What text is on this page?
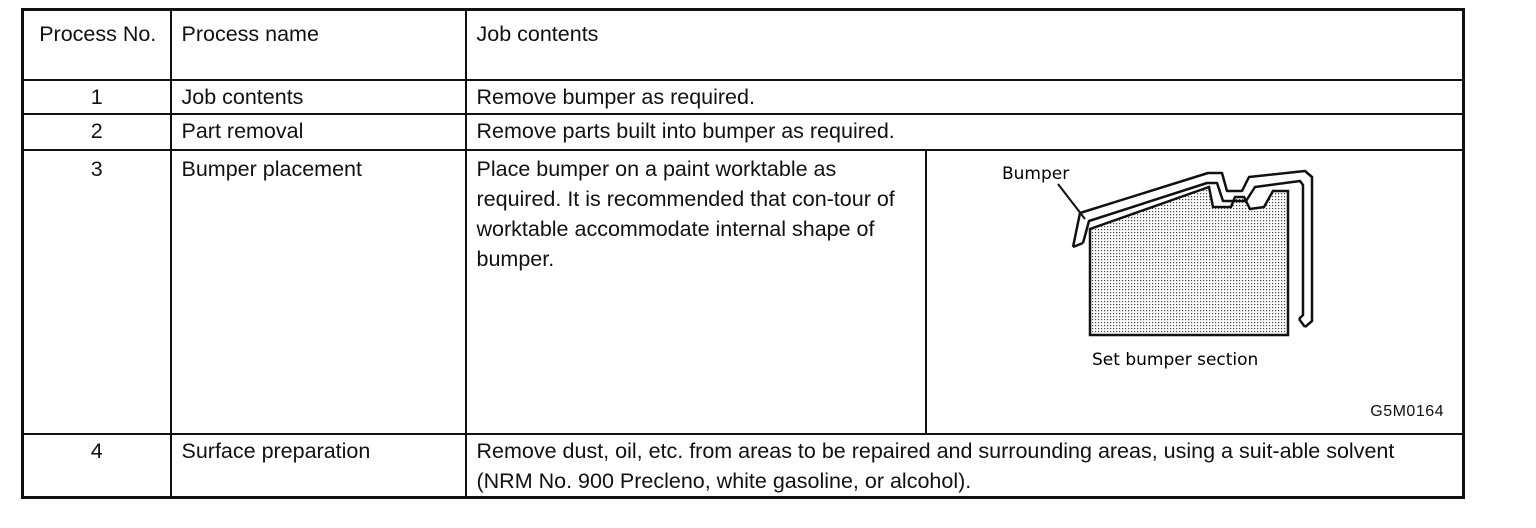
Process No.	Process name	Job contents	
1	Job contents	Remove bumper as required.	
2	Part removal	Remove parts built into bumper as required.	
3	Bumper placement	Place bumper on a paint worktable as required. It is recommended that con-tour of worktable accommodate internal shape of bumper.	Bumper
Set bumper section
G5M0164

4	Surface preparation	Remove dust, oil, etc. from areas to be repaired and surrounding areas, using a suit-able solvent (NRM No. 900 Precleno, white gasoline, or alcohol).	
